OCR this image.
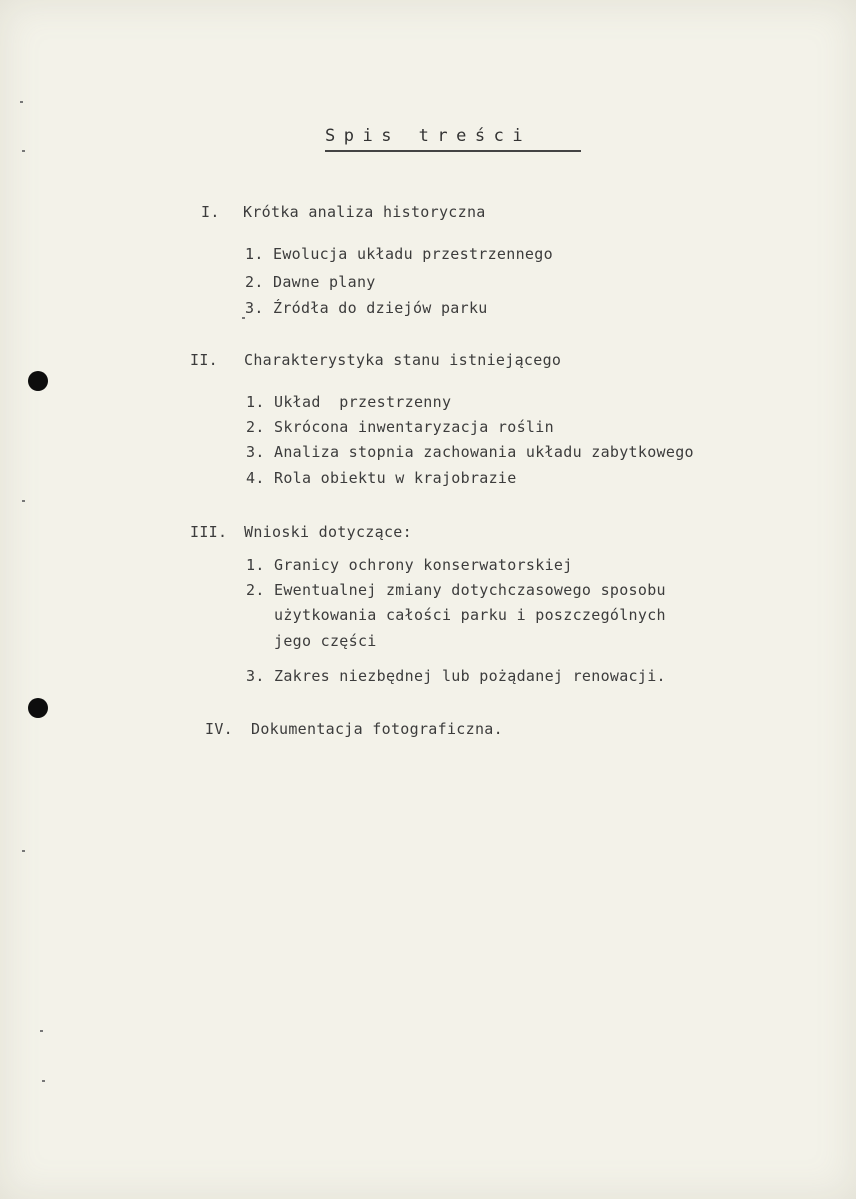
Spis treści
I. Krótka analiza historyczna
1. Ewolucja układu przestrzennego
2. Dawne plany
3. Źródła do dziejów parku
II. Charakterystyka stanu istniejącego
1. Układ  przestrzenny
2. Skrócona inwentaryzacja roślin
3. Analiza stopnia zachowania układu zabytkowego
4. Rola obiektu w krajobrazie
III. Wnioski dotyczące:
1. Granicy ochrony konserwatorskiej
2. Ewentualnej zmiany dotychczasowego sposobu
użytkowania całości parku i poszczególnych
jego części
3. Zakres niezbędnej lub pożądanej renowacji.
IV. Dokumentacja fotograficzna.
